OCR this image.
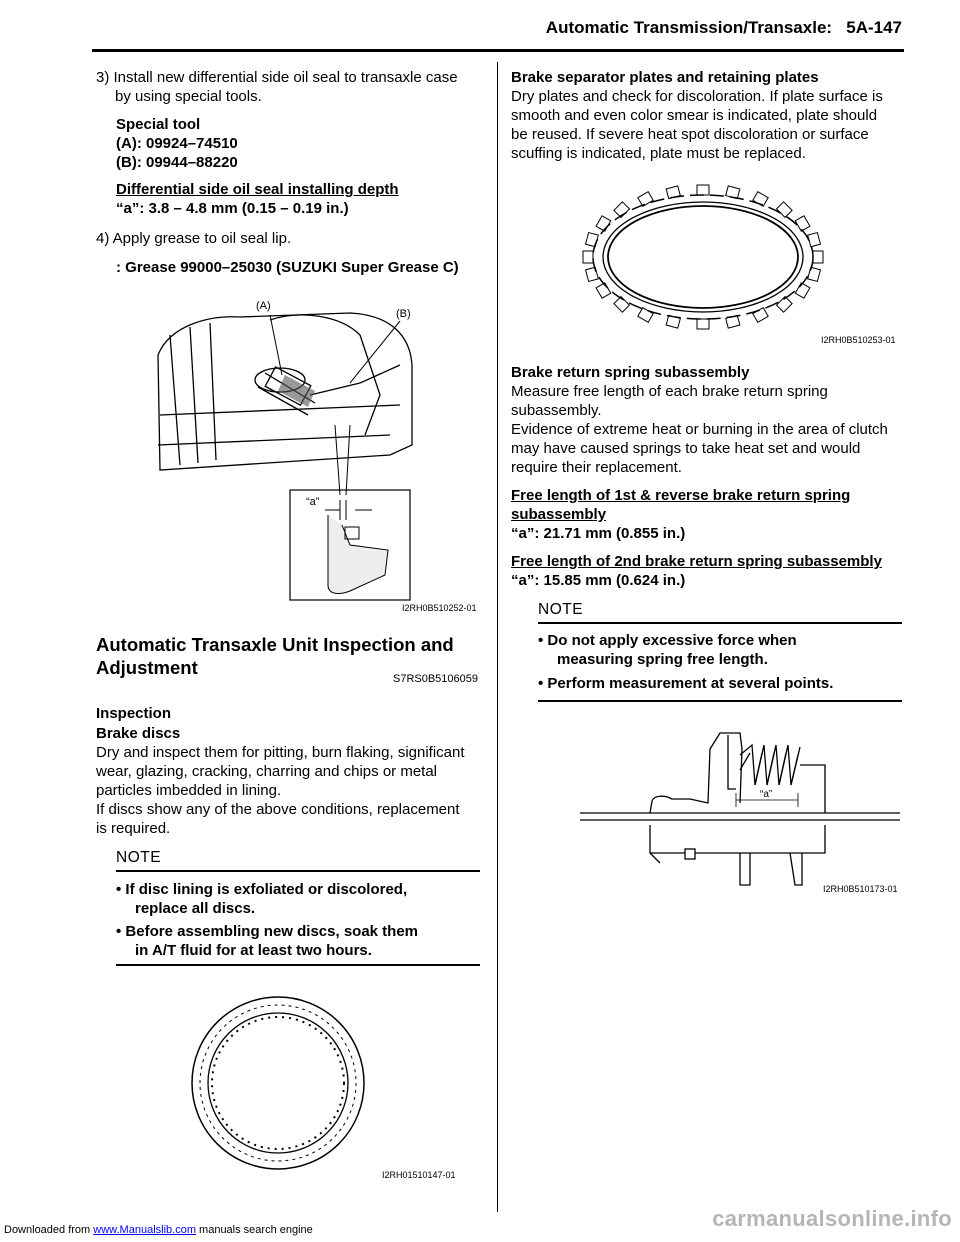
Automatic Transmission/Transaxle: 5A-147
3) Install new differential side oil seal to transaxle case
by using special tools.
Special tool
(A): 09924–74510
(B): 09944–88220
Differential side oil seal installing depth
“a”: 3.8 – 4.8 mm (0.15 – 0.19 in.)
4) Apply grease to oil seal lip.
: Grease 99000–25030 (SUZUKI Super Grease C)
(A)
(B)
“a”
I2RH0B510252-01
Automatic Transaxle Unit Inspection and
Adjustment
S7RS0B5106059
Inspection
Brake discs
Dry and inspect them for pitting, burn flaking, significant
wear, glazing, cracking, charring and chips or metal
particles imbedded in lining.
If discs show any of the above conditions, replacement
is required.
NOTE
• If disc lining is exfoliated or discolored,
replace all discs.
• Before assembling new discs, soak them
in A/T fluid for at least two hours.
I2RH01510147-01
Brake separator plates and retaining plates
Dry plates and check for discoloration. If plate surface is
smooth and even color smear is indicated, plate should
be reused. If severe heat spot discoloration or surface
scuffing is indicated, plate must be replaced.
I2RH0B510253-01
Brake return spring subassembly
Measure free length of each brake return spring
subassembly.
Evidence of extreme heat or burning in the area of clutch
may have caused springs to take heat set and would
require their replacement.
Free length of 1st & reverse brake return spring
subassembly
“a”: 21.71 mm (0.855 in.)
Free length of 2nd brake return spring subassembly
“a”: 15.85 mm (0.624 in.)
NOTE
• Do not apply excessive force when
measuring spring free length.
• Perform measurement at several points.
“a”
I2RH0B510173-01
Downloaded from www.Manualslib.com manuals search engine	carmanualsonline.info
